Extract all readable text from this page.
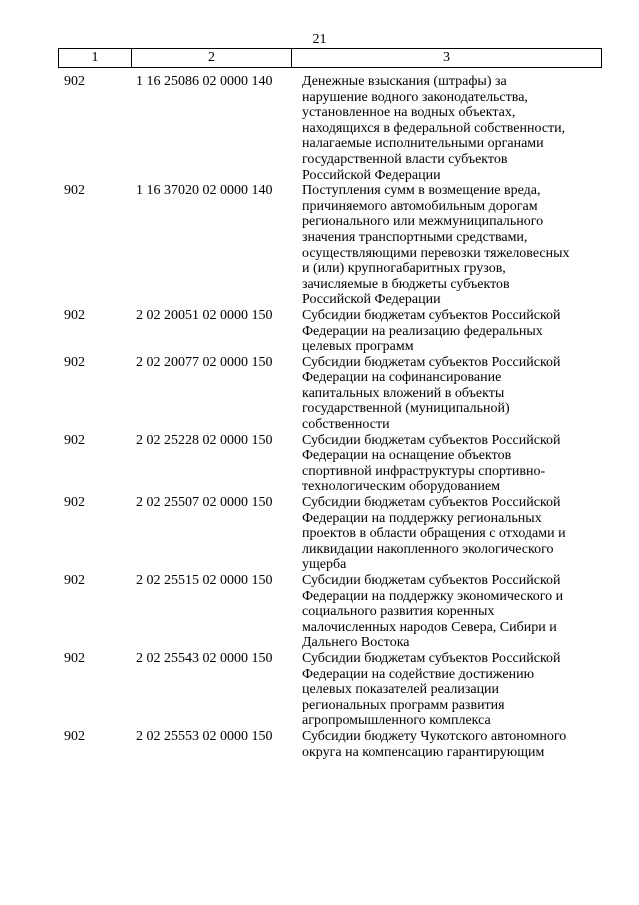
21
1	2	3
902	1 16 25086 02 0000 140	Денежные взыскания (штрафы) за
нарушение водного законодательства,
установленное на водных объектах,
находящихся в федеральной собственности,
налагаемые исполнительными органами
государственной власти субъектов
Российской Федерации
902	1 16 37020 02 0000 140	Поступления сумм в возмещение вреда,
причиняемого автомобильным дорогам
регионального или межмуниципального
значения транспортными средствами,
осуществляющими перевозки тяжеловесных
и (или) крупногабаритных грузов,
зачисляемые в бюджеты субъектов
Российской Федерации
902	2 02 20051 02 0000 150	Субсидии бюджетам субъектов Российской
Федерации на реализацию федеральных
целевых программ
902	2 02 20077 02 0000 150	Субсидии бюджетам субъектов Российской
Федерации на софинансирование
капитальных вложений в объекты
государственной (муниципальной)
собственности
902	2 02 25228 02 0000 150	Субсидии бюджетам субъектов Российской
Федерации на оснащение объектов
спортивной инфраструктуры спортивно-
технологическим оборудованием
902	2 02 25507 02 0000 150	Субсидии бюджетам субъектов Российской
Федерации на поддержку региональных
проектов в области обращения с отходами и
ликвидации накопленного экологического
ущерба
902	2 02 25515 02 0000 150	Субсидии бюджетам субъектов Российской
Федерации на поддержку экономического и
социального развития коренных
малочисленных народов Севера, Сибири и
Дальнего Востока
902	2 02 25543 02 0000 150	Субсидии бюджетам субъектов Российской
Федерации на содействие достижению
целевых показателей реализации
региональных программ развития
агропромышленного комплекса
902	2 02 25553 02 0000 150	Субсидии бюджету Чукотского автономного
округа на компенсацию гарантирующим
